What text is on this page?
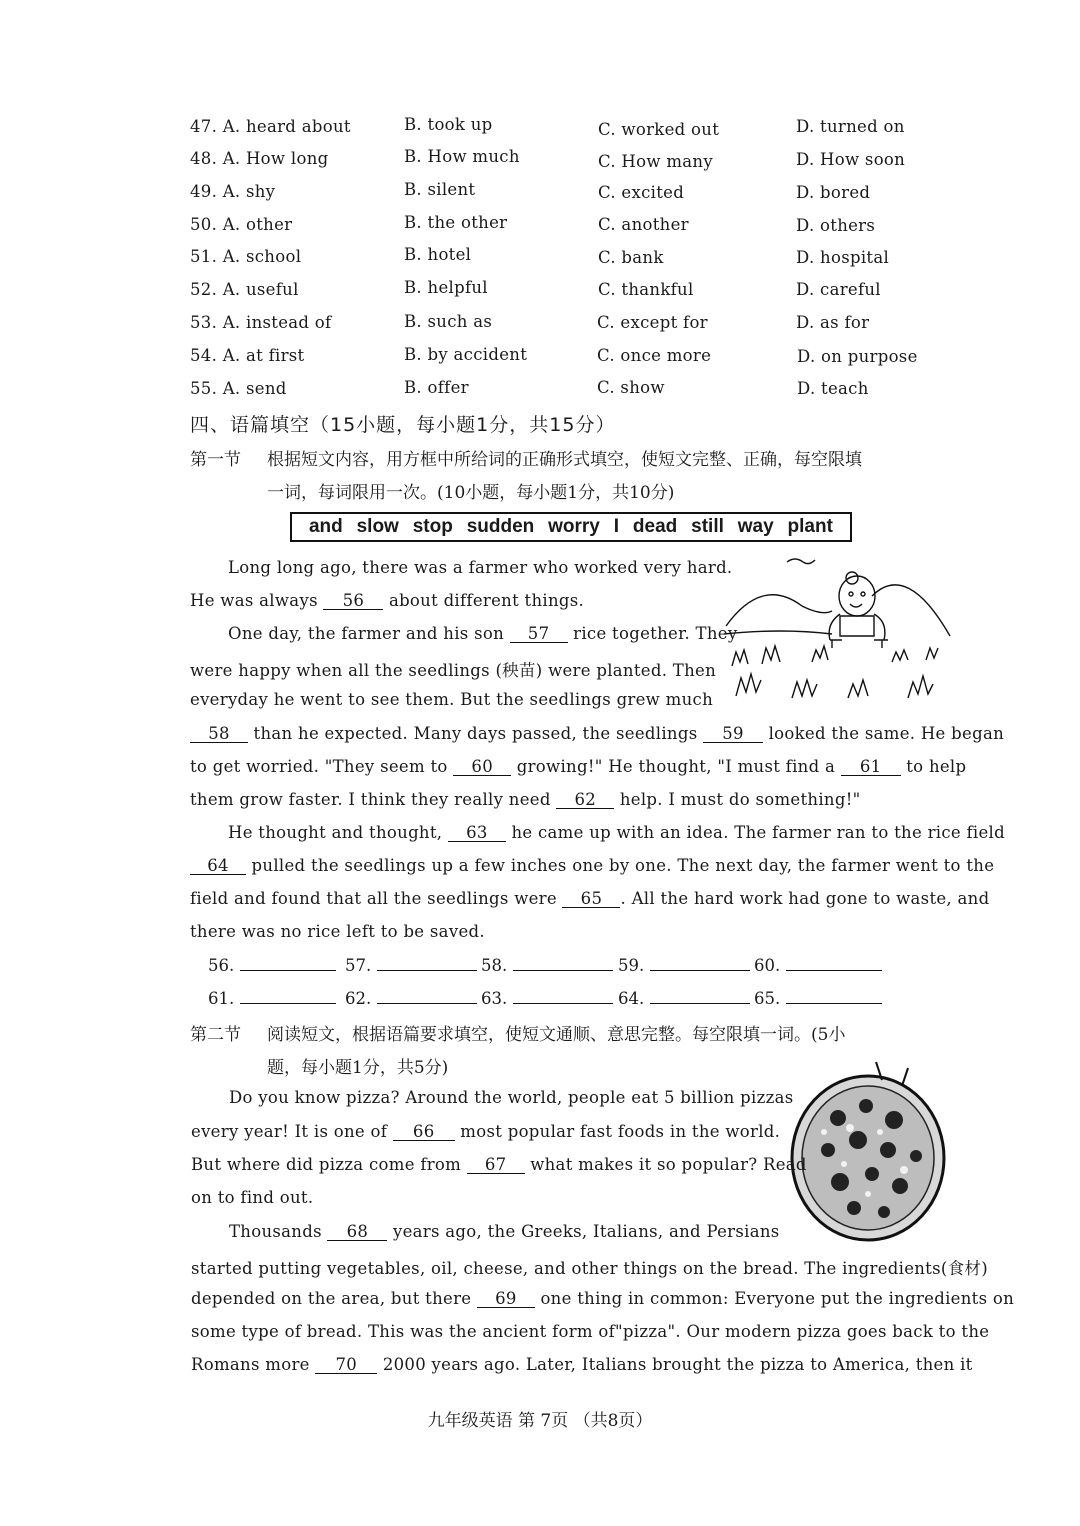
47. A. heard about	B. took up	C. worked out	D. turned on
48. A. How long	B. How much	C. How many	D. How soon
49. A. shy	B. silent	C. excited	D. bored
50. A. other	B. the other	C. another	D. others
51. A. school	B. hotel	C. bank	D. hospital
52. A. useful	B. helpful	C. thankful	D. careful
53. A. instead of	B. such as	C. except for	D. as for
54. A. at first	B. by accident	C. once more	D. on purpose
55. A. send	B. offer	C. show	D. teach
四、语篇填空（15小题，每小题1分，共15分）
第一节 根据短文内容，用方框中所给词的正确形式填空，使短文完整、正确，每空限填
一词，每词限用一次。(10小题，每小题1分，共10分)
and slow stop sudden worry I dead still way plant
Long long ago, there was a farmer who worked very hard.
He was always 56 about different things.
One day, the farmer and his son 57 rice together. They
were happy when all the seedlings (秧苗) were planted. Then
everyday he went to see them. But the seedlings grew much
58 than he expected. Many days passed, the seedlings 59 looked the same. He began
to get worried. "They seem to 60 growing!" He thought, "I must find a 61 to help
them grow faster. I think they really need 62 help. I must do something!"
He thought and thought, 63 he came up with an idea. The farmer ran to the rice field
64 pulled the seedlings up a few inches one by one. The next day, the farmer went to the
field and found that all the seedlings were 65 . All the hard work had gone to waste, and
there was no rice left to be saved.
56.	57.	58.	59.	60.
61.	62.	63.	64.	65.
第二节 阅读短文，根据语篇要求填空，使短文通顺、意思完整。每空限填一词。(5小
题，每小题1分，共5分)
Do you know pizza? Around the world, people eat 5 billion pizzas
every year! It is one of 66 most popular fast foods in the world.
But where did pizza come from 67 what makes it so popular? Read
on to find out.
Thousands 68 years ago, the Greeks, Italians, and Persians
started putting vegetables, oil, cheese, and other things on the bread. The ingredients(食材)
depended on the area, but there 69 one thing in common: Everyone put the ingredients on
some type of bread. This was the ancient form of"pizza". Our modern pizza goes back to the
Romans more 70 2000 years ago. Later, Italians brought the pizza to America, then it
九年级英语 第 7页 （共8页）
